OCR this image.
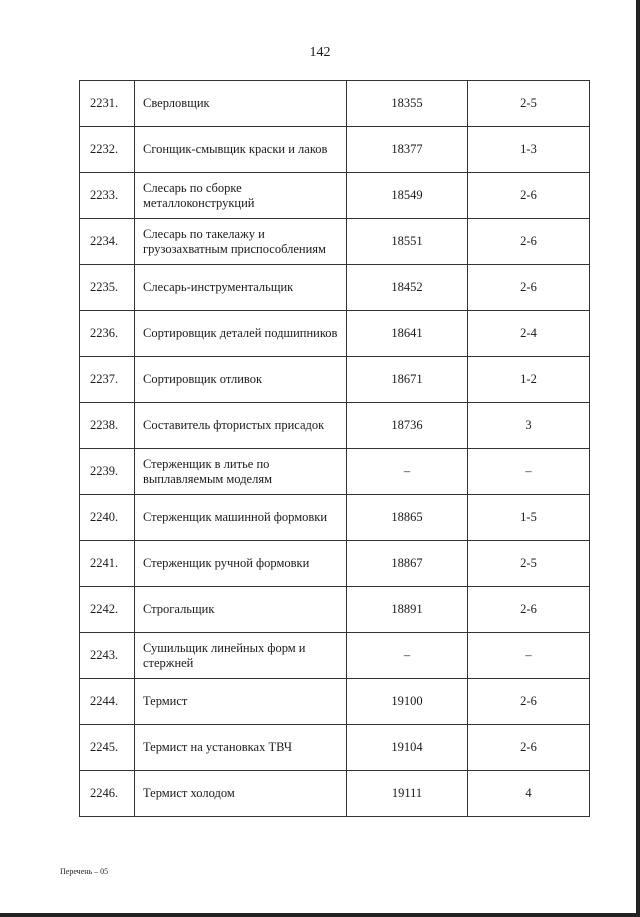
142
2231.	Сверловщик	18355	2-5
2232.	Сгонщик-смывщик краски и лаков	18377	1-3
2233.	Слесарь по сборке металлоконструкций	18549	2-6
2234.	Слесарь по такелажу и грузозахватным приспособлениям	18551	2-6
2235.	Слесарь-инструментальщик	18452	2-6
2236.	Сортировщик деталей подшипников	18641	2-4
2237.	Сортировщик отливок	18671	1-2
2238.	Составитель фтористых присадок	18736	3
2239.	Стерженщик в литье по выплавляемым моделям	–	–
2240.	Стерженщик машинной формовки	18865	1-5
2241.	Стерженщик ручной формовки	18867	2-5
2242.	Строгальщик	18891	2-6
2243.	Сушильщик линейных форм и стержней	–	–
2244.	Термист	19100	2-6
2245.	Термист на установках ТВЧ	19104	2-6
2246.	Термист холодом	19111	4
Перечень – 05
